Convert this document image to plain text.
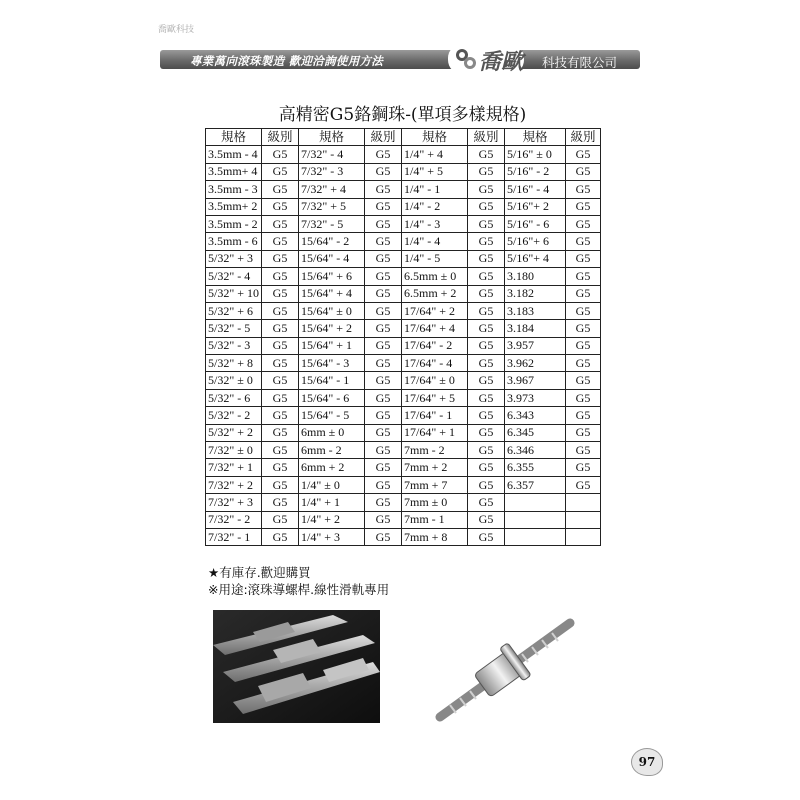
喬歐科技
專業萬向滾珠製造 歡迎洽詢使用方法	喬歐 科技有限公司
高精密G5鉻鋼珠-(單項多樣規格)
規格	級別	規格	級別	規格	級別	規格	級別
3.5mm - 4	G5	7/32" - 4	G5	1/4" + 4	G5	5/16" ± 0	G5
3.5mm+ 4	G5	7/32" - 3	G5	1/4" + 5	G5	5/16" - 2	G5
3.5mm - 3	G5	7/32" + 4	G5	1/4" - 1	G5	5/16" - 4	G5
3.5mm+ 2	G5	7/32" + 5	G5	1/4" - 2	G5	5/16"+ 2	G5
3.5mm - 2	G5	7/32" - 5	G5	1/4" - 3	G5	5/16" - 6	G5
3.5mm - 6	G5	15/64" - 2	G5	1/4" - 4	G5	5/16"+ 6	G5
5/32" + 3	G5	15/64" - 4	G5	1/4" - 5	G5	5/16"+ 4	G5
5/32" - 4	G5	15/64" + 6	G5	6.5mm ± 0	G5	3.180	G5
5/32" + 10	G5	15/64" + 4	G5	6.5mm + 2	G5	3.182	G5
5/32" + 6	G5	15/64" ± 0	G5	17/64" + 2	G5	3.183	G5
5/32" - 5	G5	15/64" + 2	G5	17/64" + 4	G5	3.184	G5
5/32" - 3	G5	15/64" + 1	G5	17/64" - 2	G5	3.957	G5
5/32" + 8	G5	15/64" - 3	G5	17/64" - 4	G5	3.962	G5
5/32" ± 0	G5	15/64" - 1	G5	17/64" ± 0	G5	3.967	G5
5/32" - 6	G5	15/64" - 6	G5	17/64" + 5	G5	3.973	G5
5/32" - 2	G5	15/64" - 5	G5	17/64" - 1	G5	6.343	G5
5/32" + 2	G5	6mm ± 0	G5	17/64" + 1	G5	6.345	G5
7/32" ± 0	G5	6mm - 2	G5	7mm - 2	G5	6.346	G5
7/32" + 1	G5	6mm + 2	G5	7mm + 2	G5	6.355	G5
7/32" + 2	G5	1/4" ± 0	G5	7mm + 7	G5	6.357	G5
7/32" + 3	G5	1/4" + 1	G5	7mm ± 0	G5		
7/32" - 2	G5	1/4" + 2	G5	7mm - 1	G5		
7/32" - 1	G5	1/4" + 3	G5	7mm + 8	G5		
★有庫存.歡迎購買
※用途:滾珠導螺桿.線性滑軌專用
97
